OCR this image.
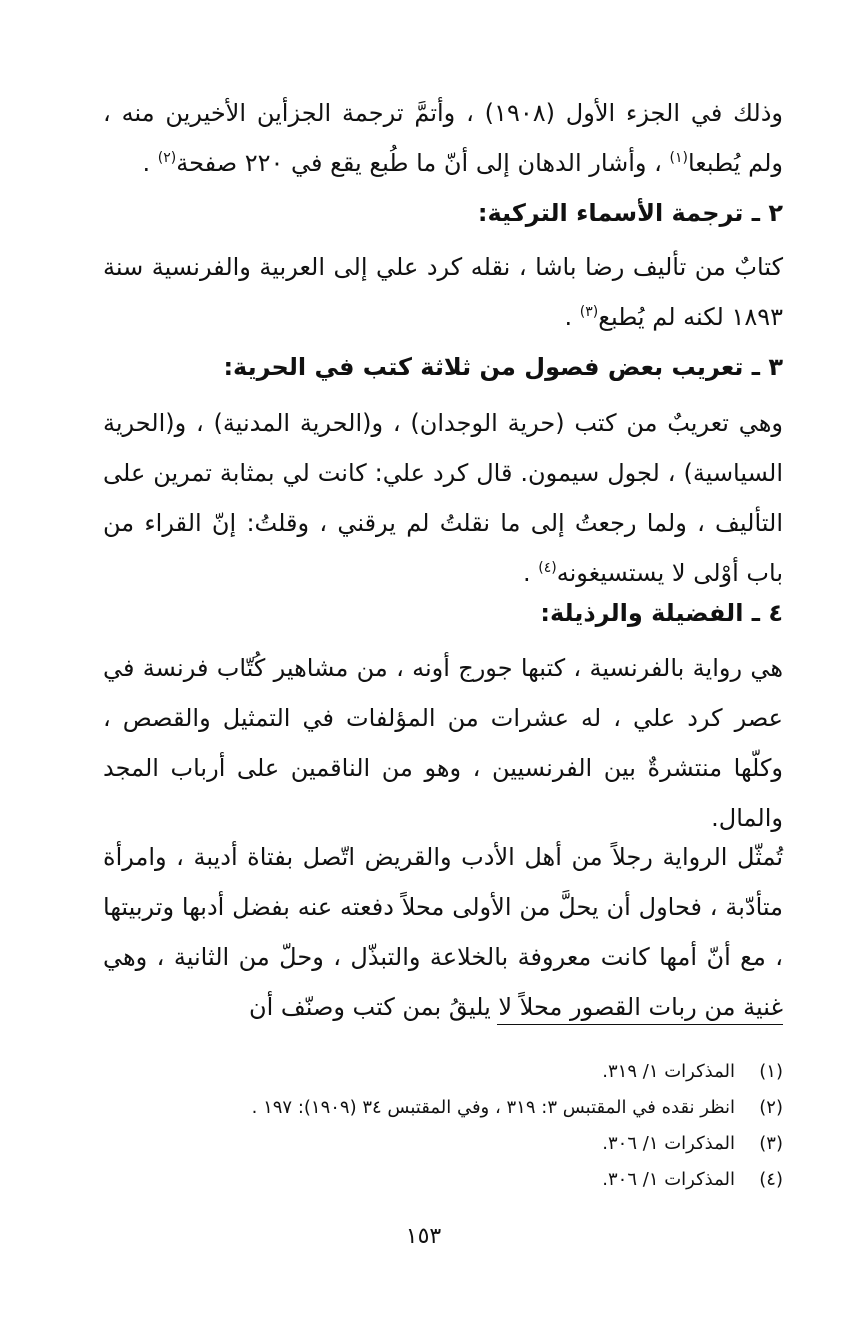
وذلك في الجزء الأول (١٩٠٨) ، وأتمَّ ترجمة الجزأين الأخيرين منه ، ولم يُطبعا$^{(١)}$ ، وأشار الدهان إلى أنّ ما طُبع يقع في ٢٢٠ صفحة$^{(٢)}$ .

٢ ـ ترجمة الأسماء التركية:

كتابٌ من تأليف رضا باشا ، نقله كرد علي إلى العربية والفرنسية سنة ١٨٩٣ لكنه لم يُطبع$^{(٣)}$ .

٣ ـ تعريب بعض فصول من ثلاثة كتب في الحرية:

وهي تعريبٌ من كتب (حرية الوجدان) ، و(الحرية المدنية) ، و(الحرية السياسية) ، لجول سيمون. قال كرد علي: كانت لي بمثابة تمرين على التأليف ، ولما رجعتُ إلى ما نقلتُ لم يرقني ، وقلتُ: إنّ القراء من باب أوْلى لا يستسيغونه$^{(٤)}$ .

٤ ـ الفضيلة والرذيلة:

هي رواية بالفرنسية ، كتبها جورج أونه ، من مشاهير كُتّاب فرنسة في عصر كرد علي ، له عشرات من المؤلفات في التمثيل والقصص ، وكلّها منتشرةٌ بين الفرنسيين ، وهو من الناقمين على أرباب المجد والمال.

تُمثّل الرواية رجلاً من أهل الأدب والقريض اتّصل بفتاة أديبة ، وامرأة متأدّبة ، فحاول أن يحلَّ من الأولى محلاً دفعته عنه بفضل أدبها وتربيتها ، مع أنّ أمها كانت معروفة بالخلاعة والتبذّل ، وحلّ من الثانية ، وهي غنية من ربات القصور محلاً لا يليقُ بمن كتب وصنّف أن

(١)المذكرات ١/ ٣١٩.
(٢)انظر نقده في المقتبس ٣: ٣١٩ ، وفي المقتبس ٣٤ (١٩٠٩): ١٩٧ .
(٣)المذكرات ١/ ٣٠٦.
(٤)المذكرات ١/ ٣٠٦.
١٥٣
